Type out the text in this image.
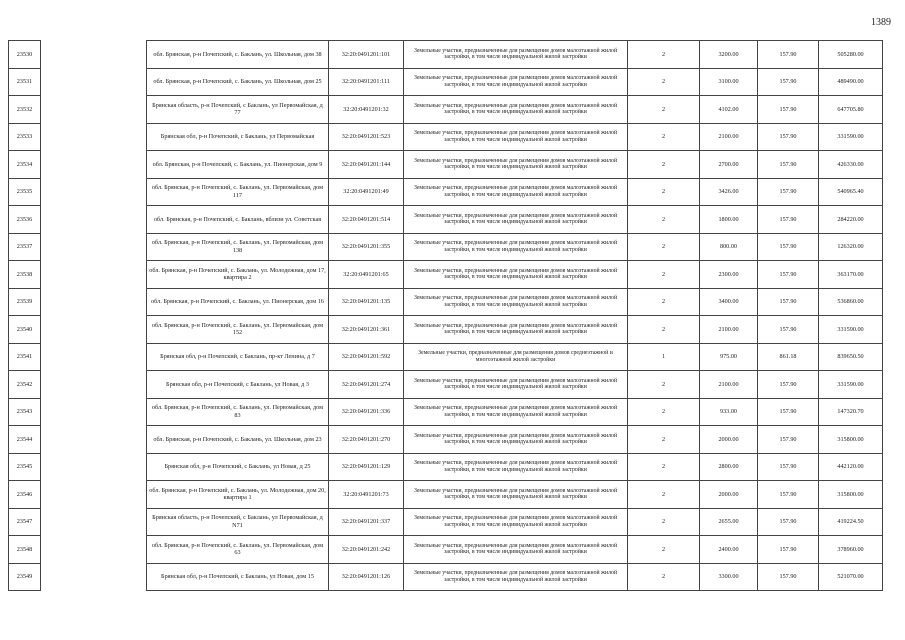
1389
23530		обл. Брянская, р-н Почепский, с. Баклань, ул. Школьная, дом 38	32:20:0491201:101	Земельные участки, предназначенные для размещения домов малоэтажной жилой застройки, в том числе индивидуальной жилой застройки	2	3200.00	157.90	505280.00
23531		обл. Брянская, р-н Почепский, с. Баклань, ул. Школьная, дом 25	32:20:0491201:111	Земельные участки, предназначенные для размещения домов малоэтажной жилой застройки, в том числе индивидуальной жилой застройки	2	3100.00	157.90	489490.00
23532		Брянская область, р-н Почепский, с Баклань, ул Первомайская, д 77	32:20:0491201:32	Земельные участки, предназначенные для размещения домов малоэтажной жилой застройки, в том числе индивидуальной жилой застройки	2	4102.00	157.90	647705.80
23533		Брянская обл, р-н Почепский, с Баклань, ул Первомайская	32:20:0491201:523	Земельные участки, предназначенные для размещения домов малоэтажной жилой застройки, в том числе индивидуальной жилой застройки	2	2100.00	157.90	331590.00
23534		обл. Брянская, р-н Почепский, с. Баклань, ул. Пионерская, дом 9	32:20:0491201:144	Земельные участки, предназначенные для размещения домов малоэтажной жилой застройки, в том числе индивидуальной жилой застройки	2	2700.00	157.90	426330.00
23535		обл. Брянская, р-н Почепский, с. Баклань, ул. Первомайская, дом 117	32:20:0491201:49	Земельные участки, предназначенные для размещения домов малоэтажной жилой застройки, в том числе индивидуальной жилой застройки	2	3426.00	157.90	540965.40
23536		обл. Брянская, р-н Почепский, с. Баклань, вблизи ул. Советская	32:20:0491201:514	Земельные участки, предназначенные для размещения домов малоэтажной жилой застройки, в том числе индивидуальной жилой застройки	2	1800.00	157.90	284220.00
23537		обл. Брянская, р-н Почепский, с. Баклань, ул. Первомайская, дом 138	32:20:0491201:355	Земельные участки, предназначенные для размещения домов малоэтажной жилой застройки, в том числе индивидуальной жилой застройки	2	800.00	157.90	126320.00
23538		обл. Брянская, р-н Почепский, с. Баклань, ул. Молодежная, дом 17, квартира 2	32:20:0491201:65	Земельные участки, предназначенные для размещения домов малоэтажной жилой застройки, в том числе индивидуальной жилой застройки	2	2300.00	157.90	363170.00
23539		обл. Брянская, р-н Почепский, с. Баклань, ул. Пионерская, дом 16	32:20:0491201:135	Земельные участки, предназначенные для размещения домов малоэтажной жилой застройки, в том числе индивидуальной жилой застройки	2	3400.00	157.90	536860.00
23540		обл. Брянская, р-н Почепский, с. Баклань, ул. Первомайская, дом 152	32:20:0491201:361	Земельные участки, предназначенные для размещения домов малоэтажной жилой застройки, в том числе индивидуальной жилой застройки	2	2100.00	157.90	331590.00
23541		Брянская обл, р-н Почепский, с Баклань, пр-кт Ленина, д 7	32:20:0491201:592	Земельные участки, предназначенные для размещения домов среднеэтажной и многоэтажной жилой застройки	1	975.00	861.18	839650.50
23542		Брянская обл, р-н Почепский, с Баклань, ул Новая, д 3	32:20:0491201:274	Земельные участки, предназначенные для размещения домов малоэтажной жилой застройки, в том числе индивидуальной жилой застройки	2	2100.00	157.90	331590.00
23543		обл. Брянская, р-н Почепский, с. Баклань, ул. Первомайская, дом 83	32:20:0491201:336	Земельные участки, предназначенные для размещения домов малоэтажной жилой застройки, в том числе индивидуальной жилой застройки	2	933.00	157.90	147320.70
23544		обл. Брянская, р-н Почепский, с. Баклань, ул. Школьная, дом 23	32:20:0491201:270	Земельные участки, предназначенные для размещения домов малоэтажной жилой застройки, в том числе индивидуальной жилой застройки	2	2000.00	157.90	315800.00
23545		Брянская обл, р-н Почепский, с Баклань, ул Новая, д 25	32:20:0491201:129	Земельные участки, предназначенные для размещения домов малоэтажной жилой застройки, в том числе индивидуальной жилой застройки	2	2800.00	157.90	442120.00
23546		обл. Брянская, р-н Почепский, с. Баклань, ул. Молодежная, дом 20, квартира 1	32:20:0491201:73	Земельные участки, предназначенные для размещения домов малоэтажной жилой застройки, в том числе индивидуальной жилой застройки	2	2000.00	157.90	315800.00
23547		Брянская область, р-н Почепский, с Баклань, ул Первомайская, д N71	32:20:0491201:337	Земельные участки, предназначенные для размещения домов малоэтажной жилой застройки, в том числе индивидуальной жилой застройки	2	2655.00	157.90	419224.50
23548		обл. Брянская, р-н Почепский, с. Баклань, ул. Первомайская, дом 63	32:20:0491201:242	Земельные участки, предназначенные для размещения домов малоэтажной жилой застройки, в том числе индивидуальной жилой застройки	2	2400.00	157.90	378960.00
23549		Брянская обл, р-н Почепский, с Баклань, ул Новая, дом 15	32:20:0491201:126	Земельные участки, предназначенные для размещения домов малоэтажной жилой застройки, в том числе индивидуальной жилой застройки	2	3300.00	157.90	521070.00
